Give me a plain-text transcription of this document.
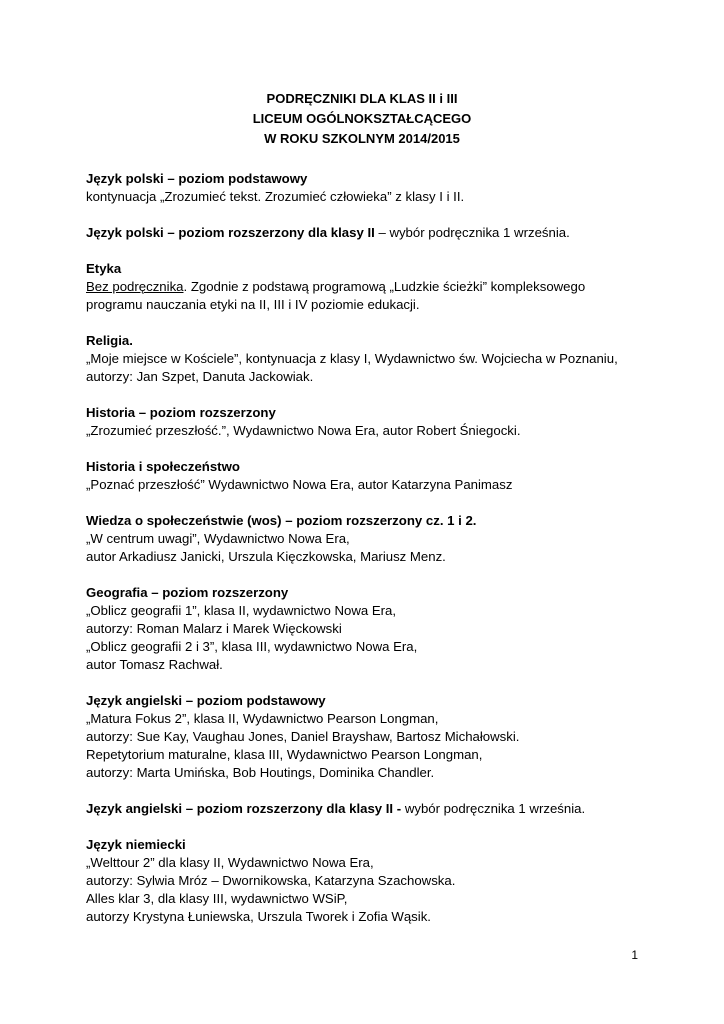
PODRĘCZNIKI DLA KLAS II i III
LICEUM OGÓLNOKSZTAŁCĄCEGO
W ROKU SZKOLNYM 2014/2015
Język polski – poziom podstawowy
kontynuacja „Zrozumieć tekst. Zrozumieć człowieka” z klasy I i II.
Język polski – poziom rozszerzony dla klasy II – wybór podręcznika 1 września.
Etyka
Bez podręcznika. Zgodnie z podstawą programową „Ludzkie ścieżki” kompleksowego
programu nauczania etyki na II, III i IV poziomie edukacji.
Religia.
„Moje miejsce w Kościele”, kontynuacja z klasy I, Wydawnictwo św. Wojciecha w Poznaniu,
autorzy: Jan Szpet, Danuta Jackowiak.
Historia – poziom rozszerzony
„Zrozumieć przeszłość.”, Wydawnictwo Nowa Era, autor Robert Śniegocki.
Historia i społeczeństwo
„Poznać przeszłość” Wydawnictwo Nowa Era, autor Katarzyna Panimasz
Wiedza o społeczeństwie (wos) – poziom rozszerzony cz. 1 i 2.
„W centrum uwagi”, Wydawnictwo Nowa Era,
autor Arkadiusz Janicki, Urszula Kięczkowska, Mariusz Menz.
Geografia – poziom rozszerzony
„Oblicz geografii 1”, klasa II, wydawnictwo Nowa Era,
autorzy: Roman Malarz i Marek Więckowski
„Oblicz geografii 2 i 3”, klasa III, wydawnictwo Nowa Era,
autor Tomasz Rachwał.
Język angielski – poziom podstawowy
„Matura Fokus 2”, klasa II, Wydawnictwo Pearson Longman,
autorzy: Sue Kay, Vaughau Jones, Daniel Brayshaw, Bartosz Michałowski.
Repetytorium maturalne, klasa III, Wydawnictwo Pearson Longman,
autorzy: Marta Umińska, Bob Houtings, Dominika Chandler.
Język angielski – poziom rozszerzony dla klasy II - wybór podręcznika 1 września.
Język niemiecki
„Welttour 2” dla klasy II, Wydawnictwo Nowa Era,
autorzy: Sylwia Mróz – Dwornikowska, Katarzyna Szachowska.
Alles klar 3, dla klasy III, wydawnictwo WSiP,
autorzy Krystyna Łuniewska, Urszula Tworek i Zofia Wąsik.
1
